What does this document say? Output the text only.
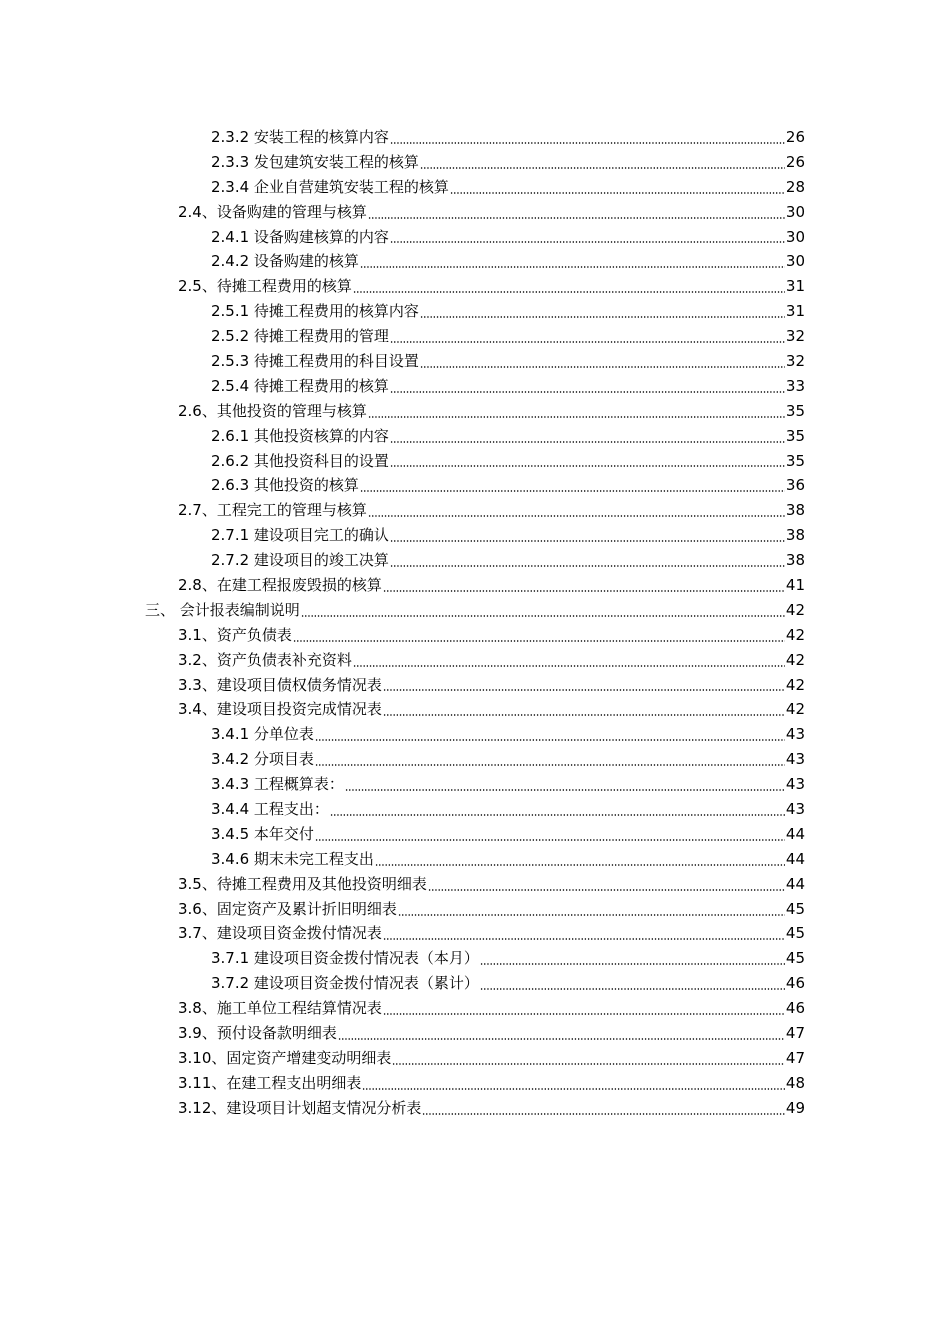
2.3.2 安装工程的核算内容	26
2.3.3 发包建筑安装工程的核算	26
2.3.4 企业自营建筑安装工程的核算	28
2.4、设备购建的管理与核算	30
2.4.1 设备购建核算的内容	30
2.4.2 设备购建的核算	30
2.5、待摊工程费用的核算	31
2.5.1 待摊工程费用的核算内容	31
2.5.2 待摊工程费用的管理	32
2.5.3 待摊工程费用的科目设置	32
2.5.4 待摊工程费用的核算	33
2.6、其他投资的管理与核算	35
2.6.1 其他投资核算的内容	35
2.6.2 其他投资科目的设置	35
2.6.3 其他投资的核算	36
2.7、工程完工的管理与核算	38
2.7.1 建设项目完工的确认	38
2.7.2 建设项目的竣工决算	38
2.8、在建工程报废毁损的核算	41
三、 会计报表编制说明	42
3.1、资产负债表	42
3.2、资产负债表补充资料	42
3.3、建设项目债权债务情况表	42
3.4、建设项目投资完成情况表	42
3.4.1 分单位表	43
3.4.2 分项目表	43
3.4.3 工程概算表：	43
3.4.4 工程支出：	43
3.4.5 本年交付	44
3.4.6 期末未完工程支出	44
3.5、待摊工程费用及其他投资明细表	44
3.6、固定资产及累计折旧明细表	45
3.7、建设项目资金拨付情况表	45
3.7.1 建设项目资金拨付情况表（本月）	45
3.7.2 建设项目资金拨付情况表（累计）	46
3.8、施工单位工程结算情况表	46
3.9、预付设备款明细表	47
3.10、固定资产增建变动明细表	47
3.11、在建工程支出明细表	48
3.12、建设项目计划超支情况分析表	49
